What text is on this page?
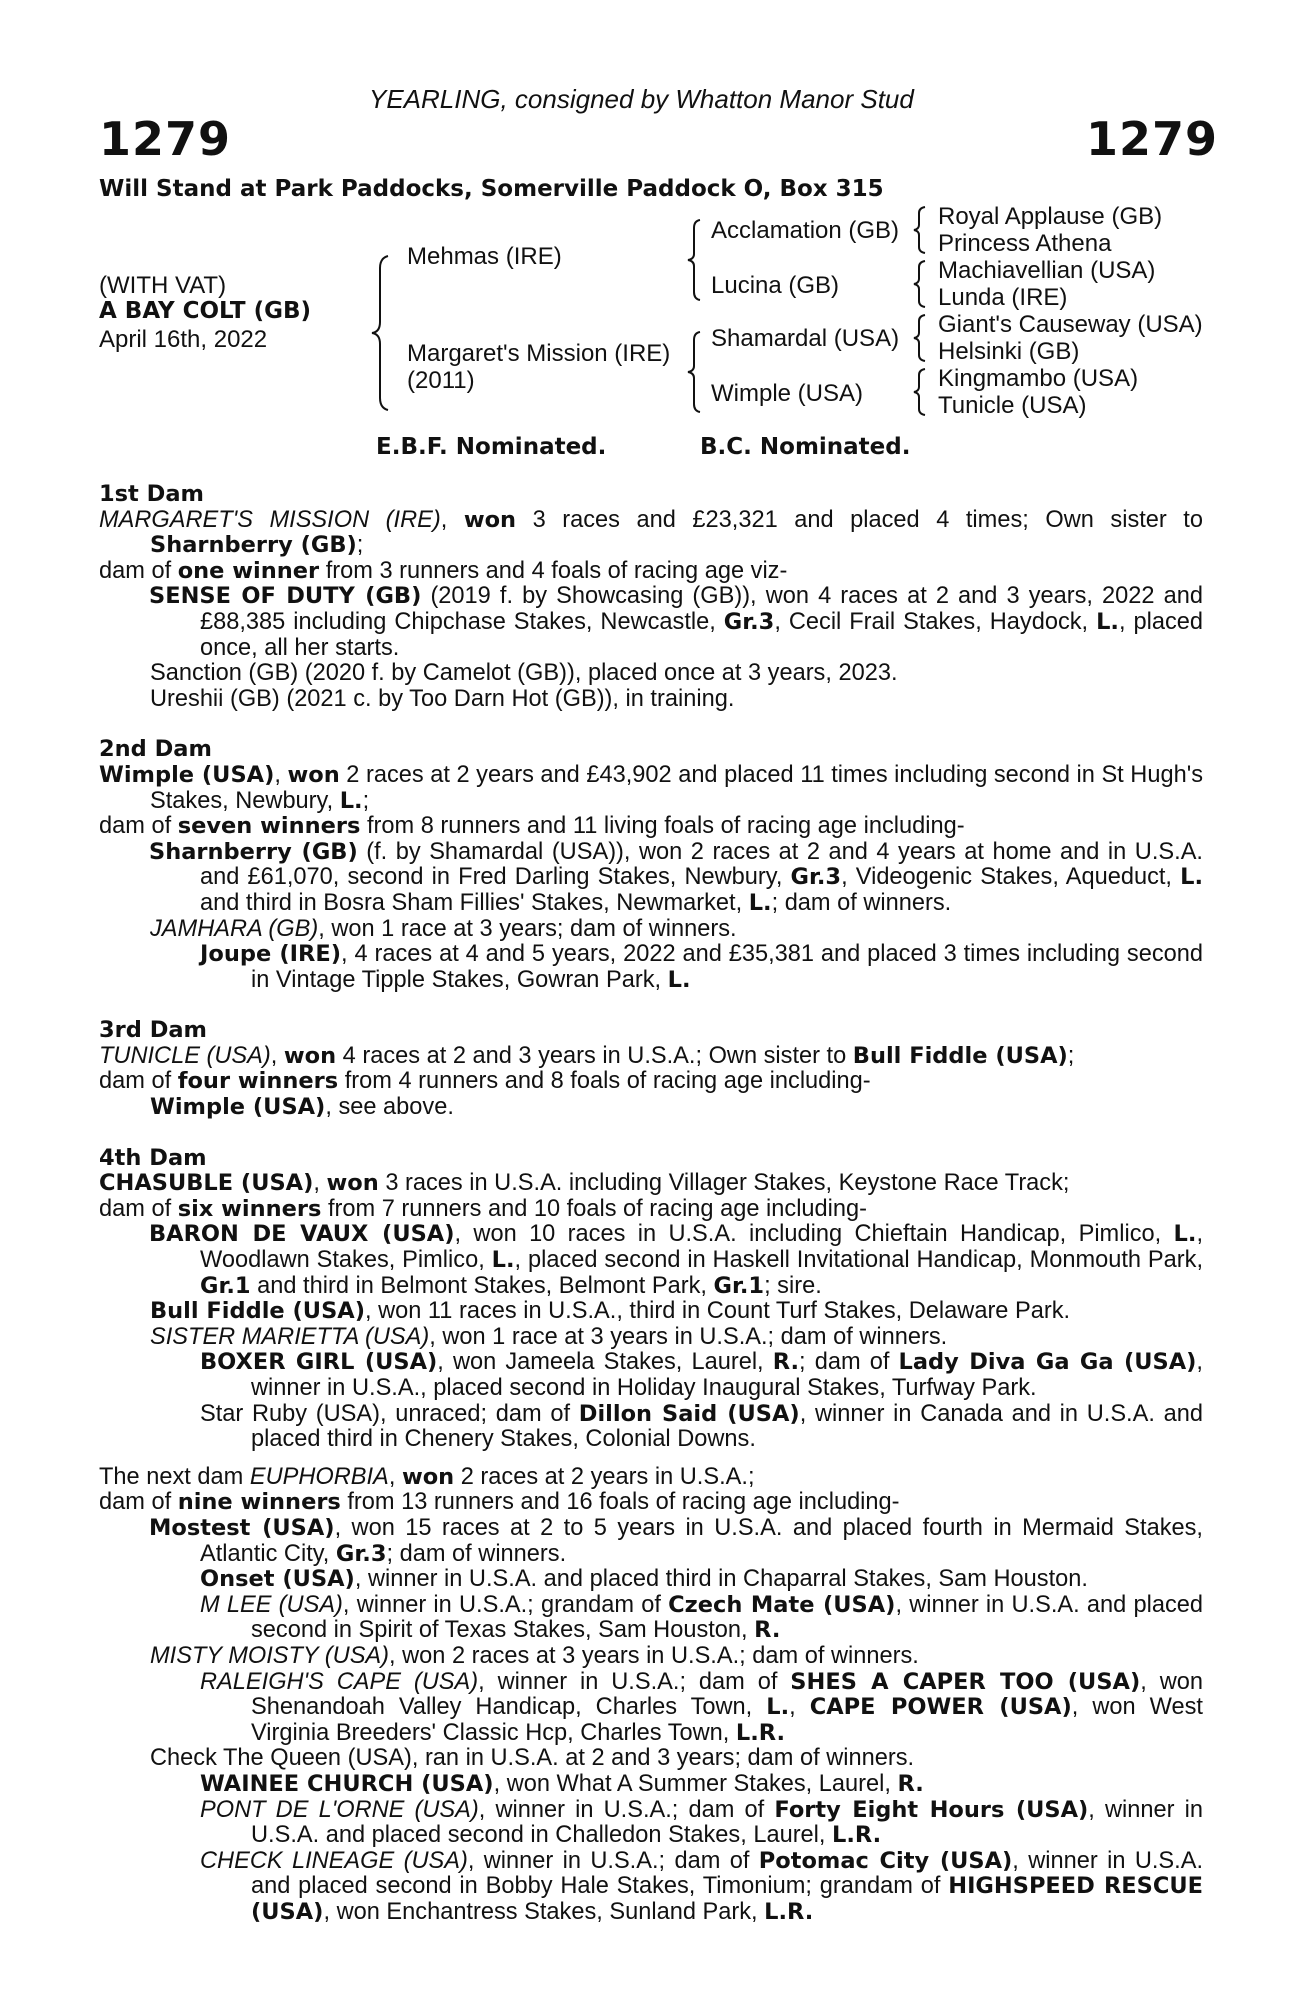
YEARLING, consigned by Whatton Manor Stud
1279	1279
Will Stand at Park Paddocks, Somerville Paddock O, Box 315
(WITH VAT)
A BAY COLT (GB)
April 16th, 2022
Mehmas (IRE)
Margaret's Mission (IRE)
(2011)
Acclamation (GB)
Lucina (GB)
Shamardal (USA)
Wimple (USA)
Royal Applause (GB)
Princess Athena
Machiavellian (USA)
Lunda (IRE)
Giant's Causeway (USA)
Helsinki (GB)
Kingmambo (USA)
Tunicle (USA)
E.B.F. Nominated.	B.C. Nominated.
1st Dam

MARGARET'S MISSION (IRE), won 3 races and £23,321 and placed 4 times; Own sister to Sharnberry (GB);

dam of one winner from 3 runners and 4 foals of racing age viz-

SENSE OF DUTY (GB) (2019 f. by Showcasing (GB)), won 4 races at 2 and 3 years, 2022 and £88,385 including Chipchase Stakes, Newcastle, Gr.3, Cecil Frail Stakes, Haydock, L., placed once, all her starts.

Sanction (GB) (2020 f. by Camelot (GB)), placed once at 3 years, 2023.

Ureshii (GB) (2021 c. by Too Darn Hot (GB)), in training.

2nd Dam

Wimple (USA), won 2 races at 2 years and £43,902 and placed 11 times including second in St Hugh's Stakes, Newbury, L.;

dam of seven winners from 8 runners and 11 living foals of racing age including-

Sharnberry (GB) (f. by Shamardal (USA)), won 2 races at 2 and 4 years at home and in U.S.A. and £61,070, second in Fred Darling Stakes, Newbury, Gr.3, Videogenic Stakes, Aqueduct, L. and third in Bosra Sham Fillies' Stakes, Newmarket, L.; dam of winners.

JAMHARA (GB), won 1 race at 3 years; dam of winners.

Joupe (IRE), 4 races at 4 and 5 years, 2022 and £35,381 and placed 3 times including second in Vintage Tipple Stakes, Gowran Park, L.

3rd Dam

TUNICLE (USA), won 4 races at 2 and 3 years in U.S.A.; Own sister to Bull Fiddle (USA);

dam of four winners from 4 runners and 8 foals of racing age including-

Wimple (USA), see above.

4th Dam

CHASUBLE (USA), won 3 races in U.S.A. including Villager Stakes, Keystone Race Track;

dam of six winners from 7 runners and 10 foals of racing age including-

BARON DE VAUX (USA), won 10 races in U.S.A. including Chieftain Handicap, Pimlico, L., Woodlawn Stakes, Pimlico, L., placed second in Haskell Invitational Handicap, Monmouth Park, Gr.1 and third in Belmont Stakes, Belmont Park, Gr.1; sire.

Bull Fiddle (USA), won 11 races in U.S.A., third in Count Turf Stakes, Delaware Park.

SISTER MARIETTA (USA), won 1 race at 3 years in U.S.A.; dam of winners.

BOXER GIRL (USA), won Jameela Stakes, Laurel, R.; dam of Lady Diva Ga Ga (USA), winner in U.S.A., placed second in Holiday Inaugural Stakes, Turfway Park.

Star Ruby (USA), unraced; dam of Dillon Said (USA), winner in Canada and in U.S.A. and placed third in Chenery Stakes, Colonial Downs.

The next dam EUPHORBIA, won 2 races at 2 years in U.S.A.;

dam of nine winners from 13 runners and 16 foals of racing age including-

Mostest (USA), won 15 races at 2 to 5 years in U.S.A. and placed fourth in Mermaid Stakes, Atlantic City, Gr.3; dam of winners.

Onset (USA), winner in U.S.A. and placed third in Chaparral Stakes, Sam Houston.

M LEE (USA), winner in U.S.A.; grandam of Czech Mate (USA), winner in U.S.A. and placed second in Spirit of Texas Stakes, Sam Houston, R.

MISTY MOISTY (USA), won 2 races at 3 years in U.S.A.; dam of winners.

RALEIGH'S CAPE (USA), winner in U.S.A.; dam of SHES A CAPER TOO (USA), won Shenandoah Valley Handicap, Charles Town, L., CAPE POWER (USA), won West Virginia Breeders' Classic Hcp, Charles Town, L.R.

Check The Queen (USA), ran in U.S.A. at 2 and 3 years; dam of winners.

WAINEE CHURCH (USA), won What A Summer Stakes, Laurel, R.

PONT DE L'ORNE (USA), winner in U.S.A.; dam of Forty Eight Hours (USA), winner in U.S.A. and placed second in Challedon Stakes, Laurel, L.R.

CHECK LINEAGE (USA), winner in U.S.A.; dam of Potomac City (USA), winner in U.S.A. and placed second in Bobby Hale Stakes, Timonium; grandam of HIGHSPEED RESCUE (USA), won Enchantress Stakes, Sunland Park, L.R.
